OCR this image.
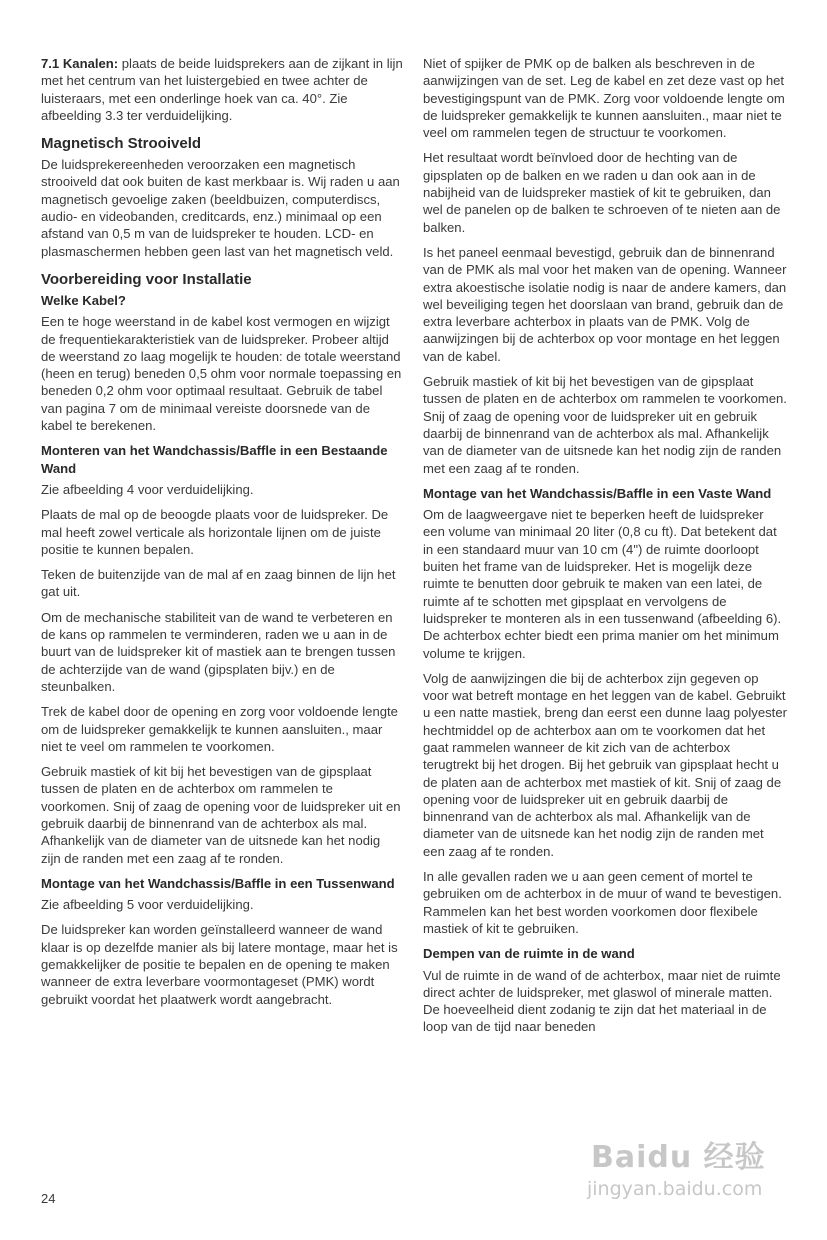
7.1 Kanalen: plaats de beide luidsprekers aan de zijkant in lijn met het centrum van het luistergebied en twee achter de luisteraars, met een onderlinge hoek van ca. 40°. Zie afbeelding 3.3 ter verduidelijking.

Magnetisch Strooiveld

De luidsprekereenheden veroorzaken een magnetisch strooiveld dat ook buiten de kast merkbaar is. Wij raden u aan magnetisch gevoelige zaken (beeldbuizen, computerdiscs, audio- en videobanden, creditcards, enz.) minimaal op een afstand van 0,5 m van de luidspreker te houden. LCD- en plasmaschermen hebben geen last van het magnetisch veld.

Voorbereiding voor Installatie
Welke Kabel?

Een te hoge weerstand in de kabel kost vermogen en wijzigt de frequentiekarakteristiek van de luidspreker. Probeer altijd de weerstand zo laag mogelijk te houden: de totale weerstand (heen en terug) beneden 0,5 ohm voor normale toepassing en beneden 0,2 ohm voor optimaal resultaat. Gebruik de tabel van pagina 7 om de minimaal vereiste doorsnede van de kabel te berekenen.

Monteren van het Wandchassis/Baffle in een Bestaande Wand

Zie afbeelding 4 voor verduidelijking.

Plaats de mal op de beoogde plaats voor de luidspreker. De mal heeft zowel verticale als horizontale lijnen om de juiste positie te kunnen bepalen.

Teken de buitenzijde van de mal af en zaag binnen de lijn het gat uit.

Om de mechanische stabiliteit van de wand te verbeteren en de kans op rammelen te verminderen, raden we u aan in de buurt van de luidspreker kit of mastiek aan te brengen tussen de achterzijde van de wand (gipsplaten bijv.) en de steunbalken.

Trek de kabel door de opening en zorg voor voldoende lengte om de luidspreker gemakkelijk te kunnen aansluiten., maar niet te veel om rammelen te voorkomen.

Gebruik mastiek of kit bij het bevestigen van de gipsplaat tussen de platen en de achterbox om rammelen te voorkomen. Snij of zaag de opening voor de luidspreker uit en gebruik daarbij de binnenrand van de achterbox als mal. Afhankelijk van de diameter van de uitsnede kan het nodig zijn de randen met een zaag af te ronden.

Montage van het Wandchassis/Baffle in een Tussenwand

Zie afbeelding 5 voor verduidelijking.

De luidspreker kan worden geïnstalleerd wanneer de wand klaar is op dezelfde manier als bij latere montage, maar het is gemakkelijker de positie te bepalen en de opening te maken wanneer de extra leverbare voormontageset (PMK) wordt gebruikt voordat het plaatwerk wordt aangebracht.

Niet of spijker de PMK op de balken als beschreven in de aanwijzingen van de set. Leg de kabel en zet deze vast op het bevestigingspunt van de PMK. Zorg voor voldoende lengte om de luidspreker gemakkelijk te kunnen aansluiten., maar niet te veel om rammelen tegen de structuur te voorkomen.

Het resultaat wordt beïnvloed door de hechting van de gipsplaten op de balken en we raden u dan ook aan in de nabijheid van de luidspreker mastiek of kit te gebruiken, dan wel de panelen op de balken te schroeven of te nieten aan de balken.

Is het paneel eenmaal bevestigd, gebruik dan de binnenrand van de PMK als mal voor het maken van de opening. Wanneer extra akoestische isolatie nodig is naar de andere kamers, dan wel beveiliging tegen het doorslaan van brand, gebruik dan de extra leverbare achterbox in plaats van de PMK. Volg de aanwijzingen bij de achterbox op voor montage en het leggen van de kabel.

Gebruik mastiek of kit bij het bevestigen van de gipsplaat tussen de platen en de achterbox om rammelen te voorkomen. Snij of zaag de opening voor de luidspreker uit en gebruik daarbij de binnenrand van de achterbox als mal. Afhankelijk van de diameter van de uitsnede kan het nodig zijn de randen met een zaag af te ronden.

Montage van het Wandchassis/Baffle in een Vaste Wand

Om de laagweergave niet te beperken heeft de luidspreker een volume van minimaal 20 liter (0,8 cu ft). Dat betekent dat in een standaard muur van 10 cm (4") de ruimte doorloopt buiten het frame van de luidspreker. Het is mogelijk deze ruimte te benutten door gebruik te maken van een latei, de ruimte af te schotten met gipsplaat en vervolgens de luidspreker te monteren als in een tussenwand (afbeelding 6). De achterbox echter biedt een prima manier om het minimum volume te krijgen.

Volg de aanwijzingen die bij de achterbox zijn gegeven op voor wat betreft montage en het leggen van de kabel. Gebruikt u een natte mastiek, breng dan eerst een dunne laag polyester hechtmiddel op de achterbox aan om te voorkomen dat het gaat rammelen wanneer de kit zich van de achterbox terugtrekt bij het drogen. Bij het gebruik van gipsplaat hecht u de platen aan de achterbox met mastiek of kit. Snij of zaag de opening voor de luidspreker uit en gebruik daarbij de binnenrand van de achterbox als mal. Afhankelijk van de diameter van de uitsnede kan het nodig zijn de randen met een zaag af te ronden.

In alle gevallen raden we u aan geen cement of mortel te gebruiken om de achterbox in de muur of wand te bevestigen. Rammelen kan het best worden voorkomen door flexibele mastiek of kit te gebruiken.

Dempen van de ruimte in de wand

Vul de ruimte in de wand of de achterbox, maar niet de ruimte direct achter de luidspreker, met glaswol of minerale matten. De hoeveelheid dient zodanig te zijn dat het materiaal in de loop van de tijd naar beneden

24
Baidu 经验
jingyan.baidu.com
